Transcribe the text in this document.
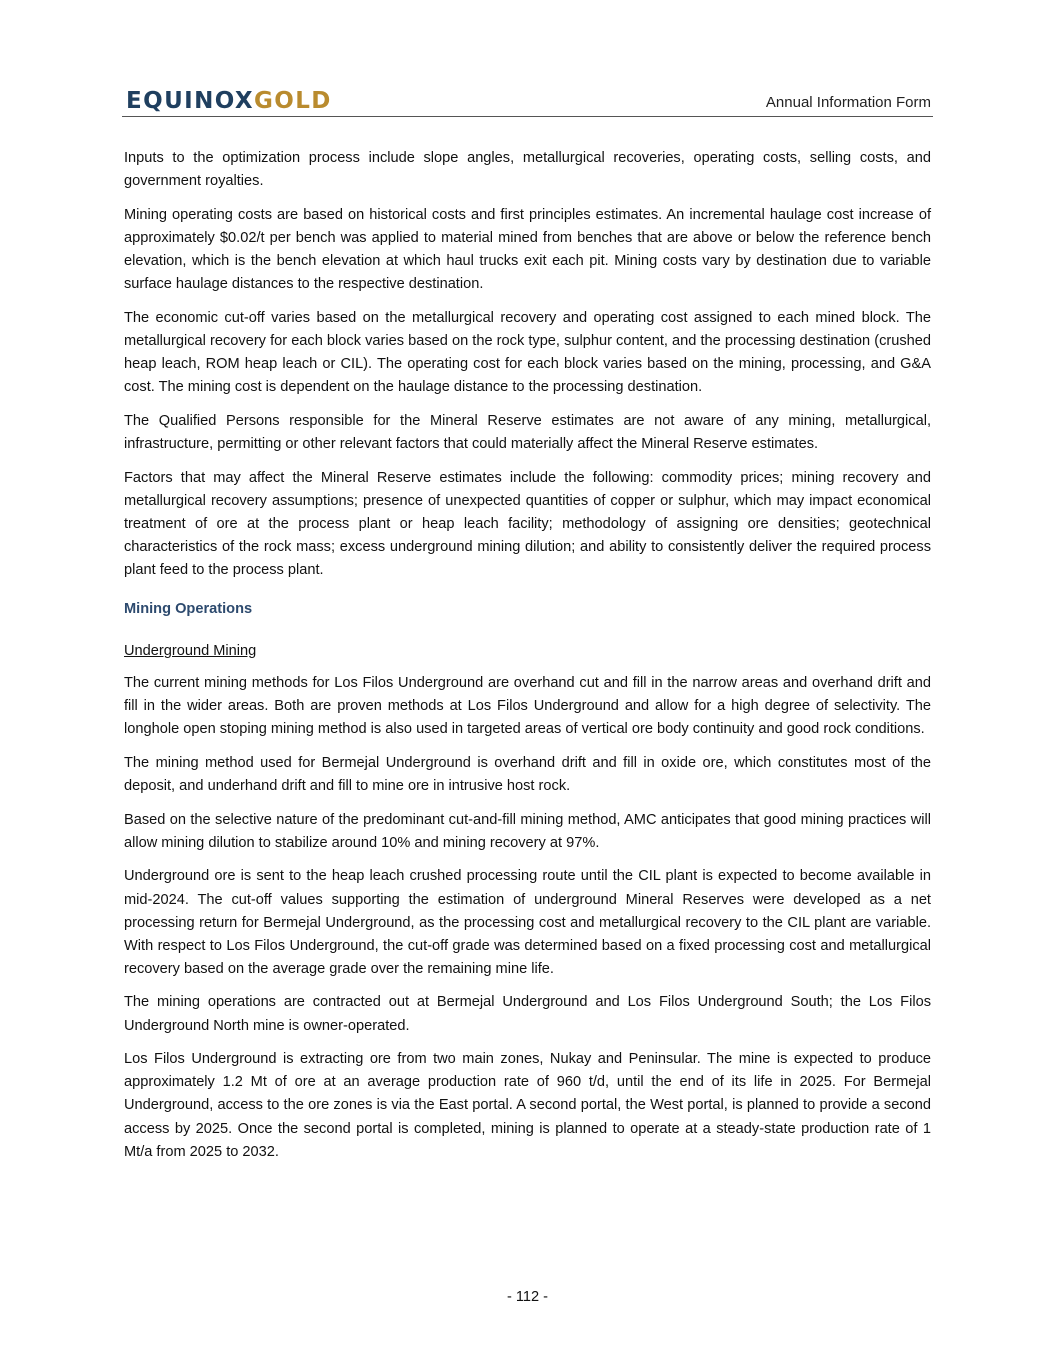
EQUINOXGOLD	Annual Information Form

Inputs to the optimization process include slope angles, metallurgical recoveries, operating costs, selling costs, and government royalties.

Mining operating costs are based on historical costs and first principles estimates. An incremental haulage cost increase of approximately $0.02/t per bench was applied to material mined from benches that are above or below the reference bench elevation, which is the bench elevation at which haul trucks exit each pit. Mining costs vary by destination due to variable surface haulage distances to the respective destination.

The economic cut-off varies based on the metallurgical recovery and operating cost assigned to each mined block. The metallurgical recovery for each block varies based on the rock type, sulphur content, and the processing destination (crushed heap leach, ROM heap leach or CIL). The operating cost for each block varies based on the mining, processing, and G&A cost. The mining cost is dependent on the haulage distance to the processing destination.

The Qualified Persons responsible for the Mineral Reserve estimates are not aware of any mining, metallurgical, infrastructure, permitting or other relevant factors that could materially affect the Mineral Reserve estimates.

Factors that may affect the Mineral Reserve estimates include the following: commodity prices; mining recovery and metallurgical recovery assumptions; presence of unexpected quantities of copper or sulphur, which may impact economical treatment of ore at the process plant or heap leach facility; methodology of assigning ore densities; geotechnical characteristics of the rock mass; excess underground mining dilution; and ability to consistently deliver the required process plant feed to the process plant.

Mining Operations
Underground Mining

The current mining methods for Los Filos Underground are overhand cut and fill in the narrow areas and overhand drift and fill in the wider areas. Both are proven methods at Los Filos Underground and allow for a high degree of selectivity. The longhole open stoping mining method is also used in targeted areas of vertical ore body continuity and good rock conditions.

The mining method used for Bermejal Underground is overhand drift and fill in oxide ore, which constitutes most of the deposit, and underhand drift and fill to mine ore in intrusive host rock.

Based on the selective nature of the predominant cut-and-fill mining method, AMC anticipates that good mining practices will allow mining dilution to stabilize around 10% and mining recovery at 97%.

Underground ore is sent to the heap leach crushed processing route until the CIL plant is expected to become available in mid-2024. The cut-off values supporting the estimation of underground Mineral Reserves were developed as a net processing return for Bermejal Underground, as the processing cost and metallurgical recovery to the CIL plant are variable. With respect to Los Filos Underground, the cut-off grade was determined based on a fixed processing cost and metallurgical recovery based on the average grade over the remaining mine life.

The mining operations are contracted out at Bermejal Underground and Los Filos Underground South; the Los Filos Underground North mine is owner-operated.

Los Filos Underground is extracting ore from two main zones, Nukay and Peninsular. The mine is expected to produce approximately 1.2 Mt of ore at an average production rate of 960 t/d, until the end of its life in 2025. For Bermejal Underground, access to the ore zones is via the East portal. A second portal, the West portal, is planned to provide a second access by 2025. Once the second portal is completed, mining is planned to operate at a steady-state production rate of 1 Mt/a from 2025 to 2032.

- 112 -
